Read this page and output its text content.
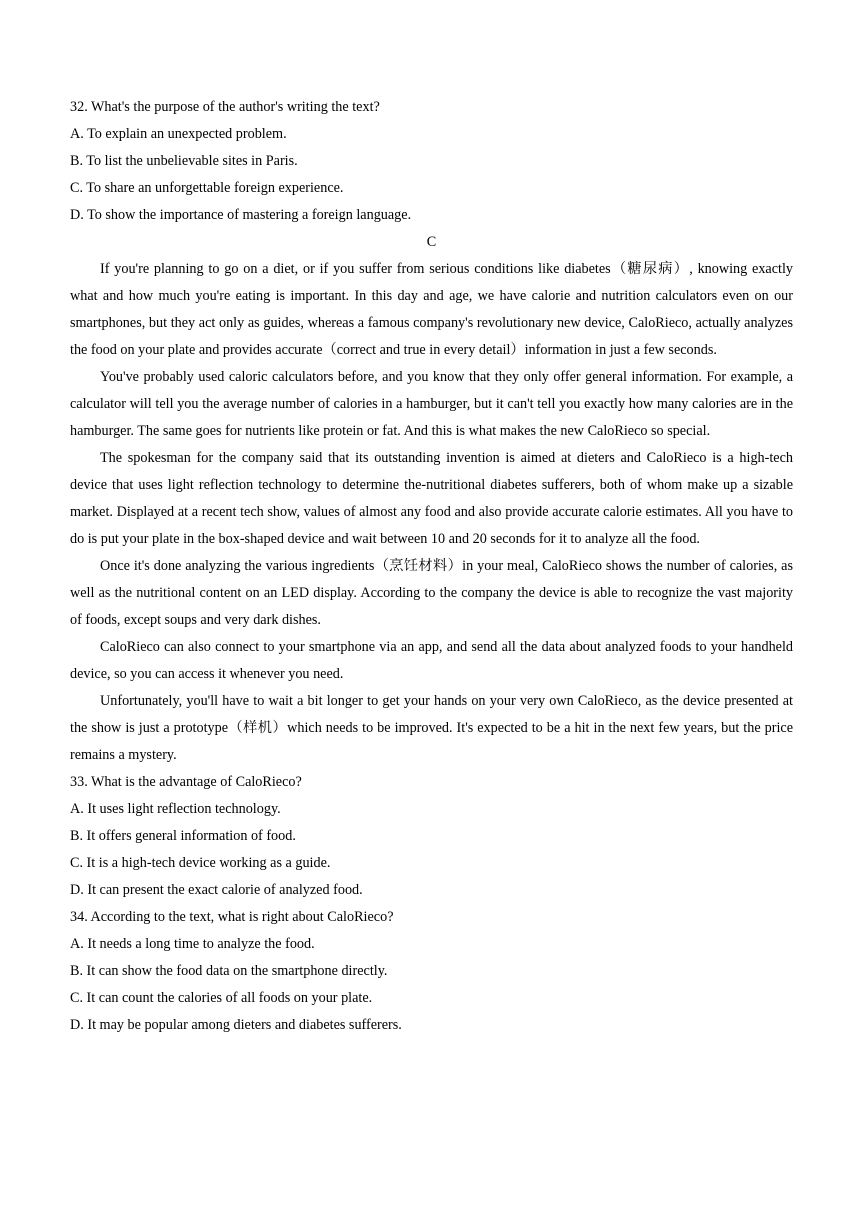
32. What's the purpose of the author's writing the text?

A. To explain an unexpected problem.

B. To list the unbelievable sites in Paris.

C. To share an unforgettable foreign experience.

D. To show the importance of mastering a foreign language.

C

If you're planning to go on a diet, or if you suffer from serious conditions like diabetes（糖尿病）, knowing exactly what and how much you're eating is important. In this day and age, we have calorie and nutrition calculators even on our smartphones, but they act only as guides, whereas a famous company's revolutionary new device, CaloRieco, actually analyzes the food on your plate and provides accurate（correct and true in every detail）information in just a few seconds.

You've probably used caloric calculators before, and you know that they only offer general information. For example, a calculator will tell you the average number of calories in a hamburger, but it can't tell you exactly how many calories are in the hamburger. The same goes for nutrients like protein or fat. And this is what makes the new CaloRieco so special.

The spokesman for the company said that its outstanding invention is aimed at dieters and CaloRieco is a high-tech device that uses light reflection technology to determine the-nutritional diabetes sufferers, both of whom make up a sizable market. Displayed at a recent tech show, values of almost any food and also provide accurate calorie estimates. All you have to do is put your plate in the box-shaped device and wait between 10 and 20 seconds for it to analyze all the food.

Once it's done analyzing the various ingredients（烹饪材料）in your meal, CaloRieco shows the number of calories, as well as the nutritional content on an LED display. According to the company the device is able to recognize the vast majority of foods, except soups and very dark dishes.

CaloRieco can also connect to your smartphone via an app, and send all the data about analyzed foods to your handheld device, so you can access it whenever you need.

Unfortunately, you'll have to wait a bit longer to get your hands on your very own CaloRieco, as the device presented at the show is just a prototype（样机）which needs to be improved. It's expected to be a hit in the next few years, but the price remains a mystery.

33. What is the advantage of CaloRieco?

A. It uses light reflection technology.

B. It offers general information of food.

C. It is a high-tech device working as a guide.

D. It can present the exact calorie of analyzed food.

34. According to the text, what is right about CaloRieco?

A. It needs a long time to analyze the food.

B. It can show the food data on the smartphone directly.

C. It can count the calories of all foods on your plate.

D. It may be popular among dieters and diabetes sufferers.
